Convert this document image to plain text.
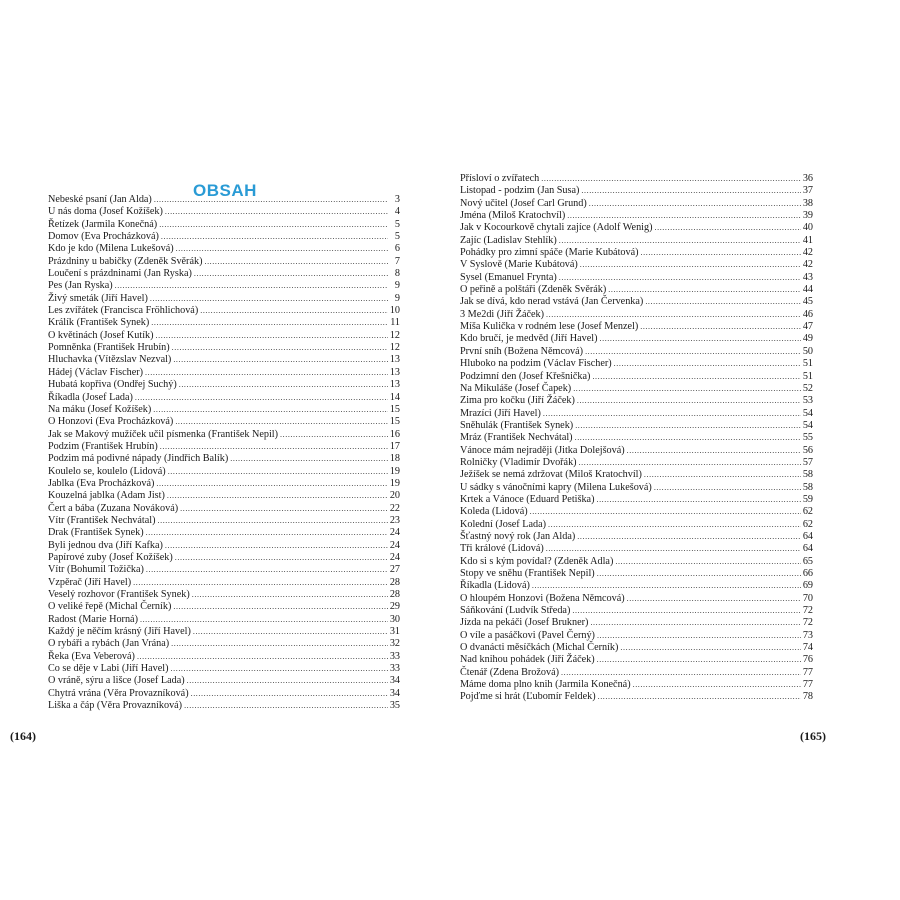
OBSAH
Nebeské psaní (Jan Alda) .....	3
U nás doma (Josef Kožíšek) .....	4
Řetízek (Jarmila Konečná) .....	5
Domov (Eva Procházková) .....	5
Kdo je kdo (Milena Lukešová) .....	6
Prázdniny u babičky (Zdeněk Svěrák) .....	7
Loučení s prázdninami (Jan Ryska) .....	8
Pes (Jan Ryska) .....	9
Živý smeták (Jiří Havel) .....	9
Les zvířátek (Francisca Fröhlichová) .....	10
Králík (František Synek) .....	11
O květinách (Josef Kutík) .....	12
Pomněnka (František Hrubín) .....	12
Hluchavka (Vítězslav Nezval) .....	13
Hádej (Václav Fischer) .....	13
Hubatá kopřiva (Ondřej Suchý) .....	13
Říkadla (Josef Lada) .....	14
Na máku (Josef Kožíšek) .....	15
O Honzovi (Eva Procházková) .....	15
Jak se Makový mužíček učil písmenka (František Nepil) .....	16
Podzim (František Hrubín) .....	17
Podzim má podivné nápady (Jindřich Balík) .....	18
Koulelo se, koulelo (Lidová) .....	19
Jablka (Eva Procházková) .....	19
Kouzelná jablka (Adam Jist) .....	20
Čert a bába (Zuzana Nováková) .....	22
Vítr (František Nechvátal) .....	23
Drak (František Synek) .....	24
Byli jednou dva (Jiří Kafka) .....	24
Papírové zuby (Josef Kožíšek) .....	24
Vítr (Bohumil Tožička) .....	27
Vzpěrač (Jiří Havel) .....	28
Veselý rozhovor (František Synek) .....	28
O veliké řepě (Michal Černík) .....	29
Radost (Marie Horná) .....	30
Každý je něčím krásný (Jiří Havel) .....	31
O rybáři a rybách (Jan Vrána) .....	32
Řeka (Eva Veberová) .....	33
Co se děje v Labi (Jiří Havel) .....	33
O vráně, sýru a lišce (Josef Lada) .....	34
Chytrá vrána (Věra Provazníková) .....	34
Liška a čáp (Věra Provazníková) .....	35
Přísloví o zvířatech .....	36
Listopad - podzim (Jan Susa) .....	37
Nový učitel (Josef Carl Grund) .....	38
Jména (Miloš Kratochvíl) .....	39
Jak v Kocourkově chytali zajíce (Adolf Wenig) .....	40
Zajíc (Ladislav Stehlík) .....	41
Pohádky pro zimní spáče (Marie Kubátová) .....	42
V Syslově (Marie Kubátová) .....	42
Sysel (Emanuel Frynta) .....	43
O peřině a polštáři (Zdeněk Svěrák) .....	44
Jak se dívá, kdo nerad vstává (Jan Červenka) .....	45
3 Me2di (Jiří Žáček) .....	46
Míša Kulička v rodném lese (Josef Menzel) .....	47
Kdo bručí, je medvěd (Jiří Havel) .....	49
První sníh (Božena Němcová) .....	50
Hluboko na podzim (Václav Fischer) .....	51
Podzimní den (Josef Křešnička) .....	51
Na Mikuláše (Josef Čapek) .....	52
Zima pro kočku (Jiří Žáček) .....	53
Mrazíci (Jiří Havel) .....	54
Sněhulák (František Synek) .....	54
Mráz (František Nechvátal) .....	55
Vánoce mám nejraději (Jitka Dolejšová) .....	56
Rolničky (Vladimír Dvořák) .....	57
Ježíšek se nemá zdržovat (Miloš Kratochvíl) .....	58
U sádky s vánočními kapry (Milena Lukešová) .....	58
Krtek a Vánoce (Eduard Petiška) .....	59
Koleda (Lidová) .....	62
Kolední (Josef Lada) .....	62
Šťastný nový rok (Jan Alda) .....	64
Tři králové (Lidová) .....	64
Kdo si s kým povídal? (Zdeněk Adla) .....	65
Stopy ve sněhu (František Nepil) .....	66
Říkadla (Lidová) .....	69
O hloupém Honzovi (Božena Němcová) .....	70
Sáňkování (Ludvík Středa) .....	72
Jízda na pekáči (Josef Brukner) .....	72
O víle a pasáčkovi (Pavel Černý) .....	73
O dvanácti měsíčkách (Michal Černík) .....	74
Nad knihou pohádek (Jiří Žáček) .....	76
Čtenář (Zdena Brožová) .....	77
Máme doma plno knih (Jarmila Konečná) .....	77
Pojďme si hrát (Ľubomír Feldek) .....	78
(164)	(165)
